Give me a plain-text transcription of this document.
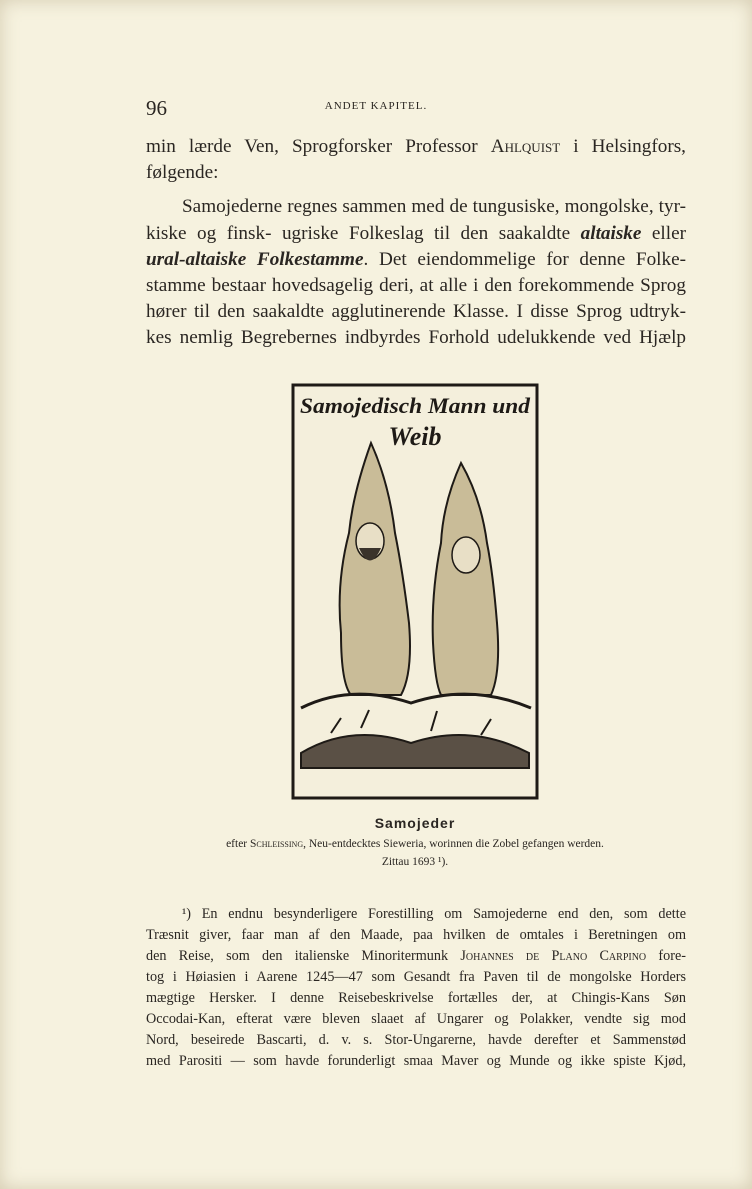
96	ANDET KAPITEL.
min lærde Ven, Sprogforsker Professor Ahlquist i Helsingfors,
følgende:
Samojederne regnes sammen med de tungusiske, mongolske, tyr-
kiske og finsk- ugriske Folkeslag til den saakaldte altaiske eller
ural-altaiske Folkestamme. Det eiendommelige for denne Folke-
stamme bestaar hovedsagelig deri, at alle i den forekommende Sprog
hører til den saakaldte agglutinerende Klasse. I disse Sprog udtryk-
kes nemlig Begrebernes indbyrdes Forhold udelukkende ved Hjælp
Samojedisch Mann und
Weib
Samojeder
efter Schleissing, Neu-entdecktes Sieweria, worinnen die Zobel gefangen werden.
Zittau 1693 ¹).
¹) En endnu besynderligere Forestilling om Samojederne end den, som dette
Træsnit giver, faar man af den Maade, paa hvilken de omtales i Beretningen om
den Reise, som den italienske Minoritermunk Johannes de Plano Carpino fore-
tog i Høiasien i Aarene 1245—47 som Gesandt fra Paven til de mongolske Horders
mægtige Hersker. I denne Reisebeskrivelse fortælles der, at Chingis-Kans Søn
Occodai-Kan, efterat være bleven slaaet af Ungarer og Polakker, vendte sig mod
Nord, beseirede Bascarti, d. v. s. Stor-Ungarerne, havde derefter et Sammenstød
med Parositi — som havde forunderligt smaa Maver og Munde og ikke spiste Kjød,
